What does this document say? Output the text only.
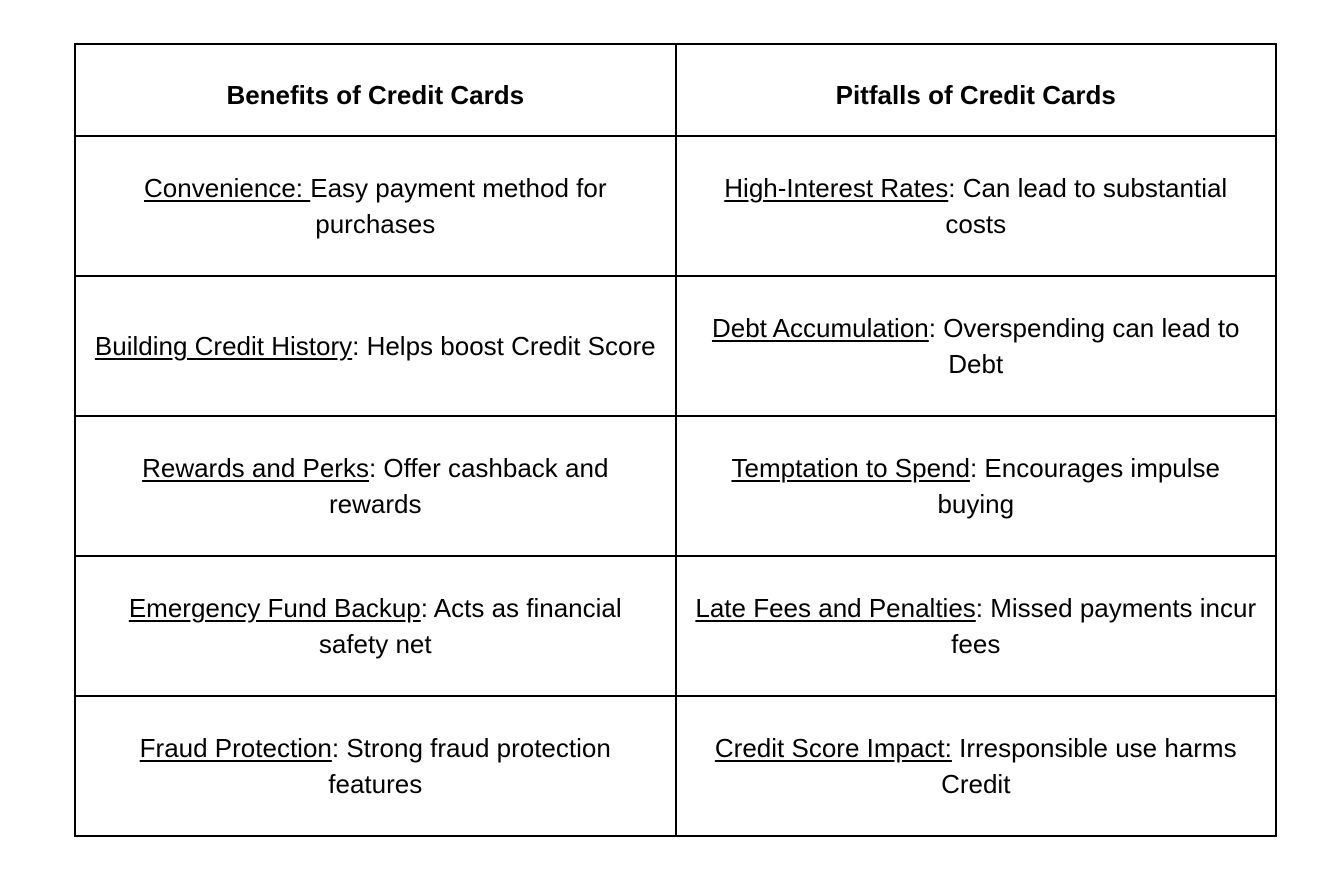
Benefits of Credit Cards	Pitfalls of Credit Cards
Convenience: Easy payment method for purchases	High-Interest Rates: Can lead to substantial costs
Building Credit History: Helps boost Credit Score	Debt Accumulation: Overspending can lead to Debt
Rewards and Perks: Offer cashback and rewards	Temptation to Spend: Encourages impulse buying
Emergency Fund Backup: Acts as financial safety net	Late Fees and Penalties: Missed payments incur fees
Fraud Protection: Strong fraud protection features	Credit Score Impact: Irresponsible use harms Credit
